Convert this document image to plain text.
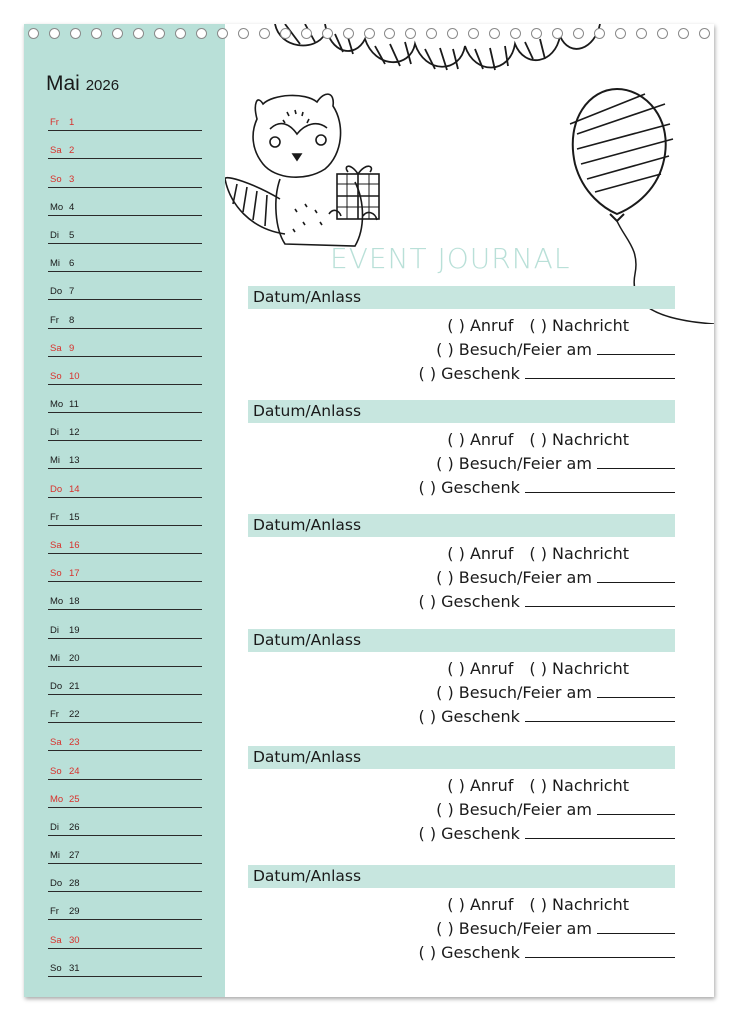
Mai 2026
Fr 1
Sa 2
So 3
Mo 4
Di 5
Mi 6
Do 7
Fr 8
Sa 9
So 10
Mo 11
Di 12
Mi 13
Do 14
Fr 15
Sa 16
So 17
Mo 18
Di 19
Mi 20
Do 21
Fr 22
Sa 23
So 24
Mo 25
Di 26
Mi 27
Do 28
Fr 29
Sa 30
So 31
EVENT JOURNAL
Datum/Anlass
( ) Anruf ( ) Nachricht
( ) Besuch/Feier am
( ) Geschenk
Datum/Anlass
( ) Anruf ( ) Nachricht
( ) Besuch/Feier am
( ) Geschenk
Datum/Anlass
( ) Anruf ( ) Nachricht
( ) Besuch/Feier am
( ) Geschenk
Datum/Anlass
( ) Anruf ( ) Nachricht
( ) Besuch/Feier am
( ) Geschenk
Datum/Anlass
( ) Anruf ( ) Nachricht
( ) Besuch/Feier am
( ) Geschenk
Datum/Anlass
( ) Anruf ( ) Nachricht
( ) Besuch/Feier am
( ) Geschenk
